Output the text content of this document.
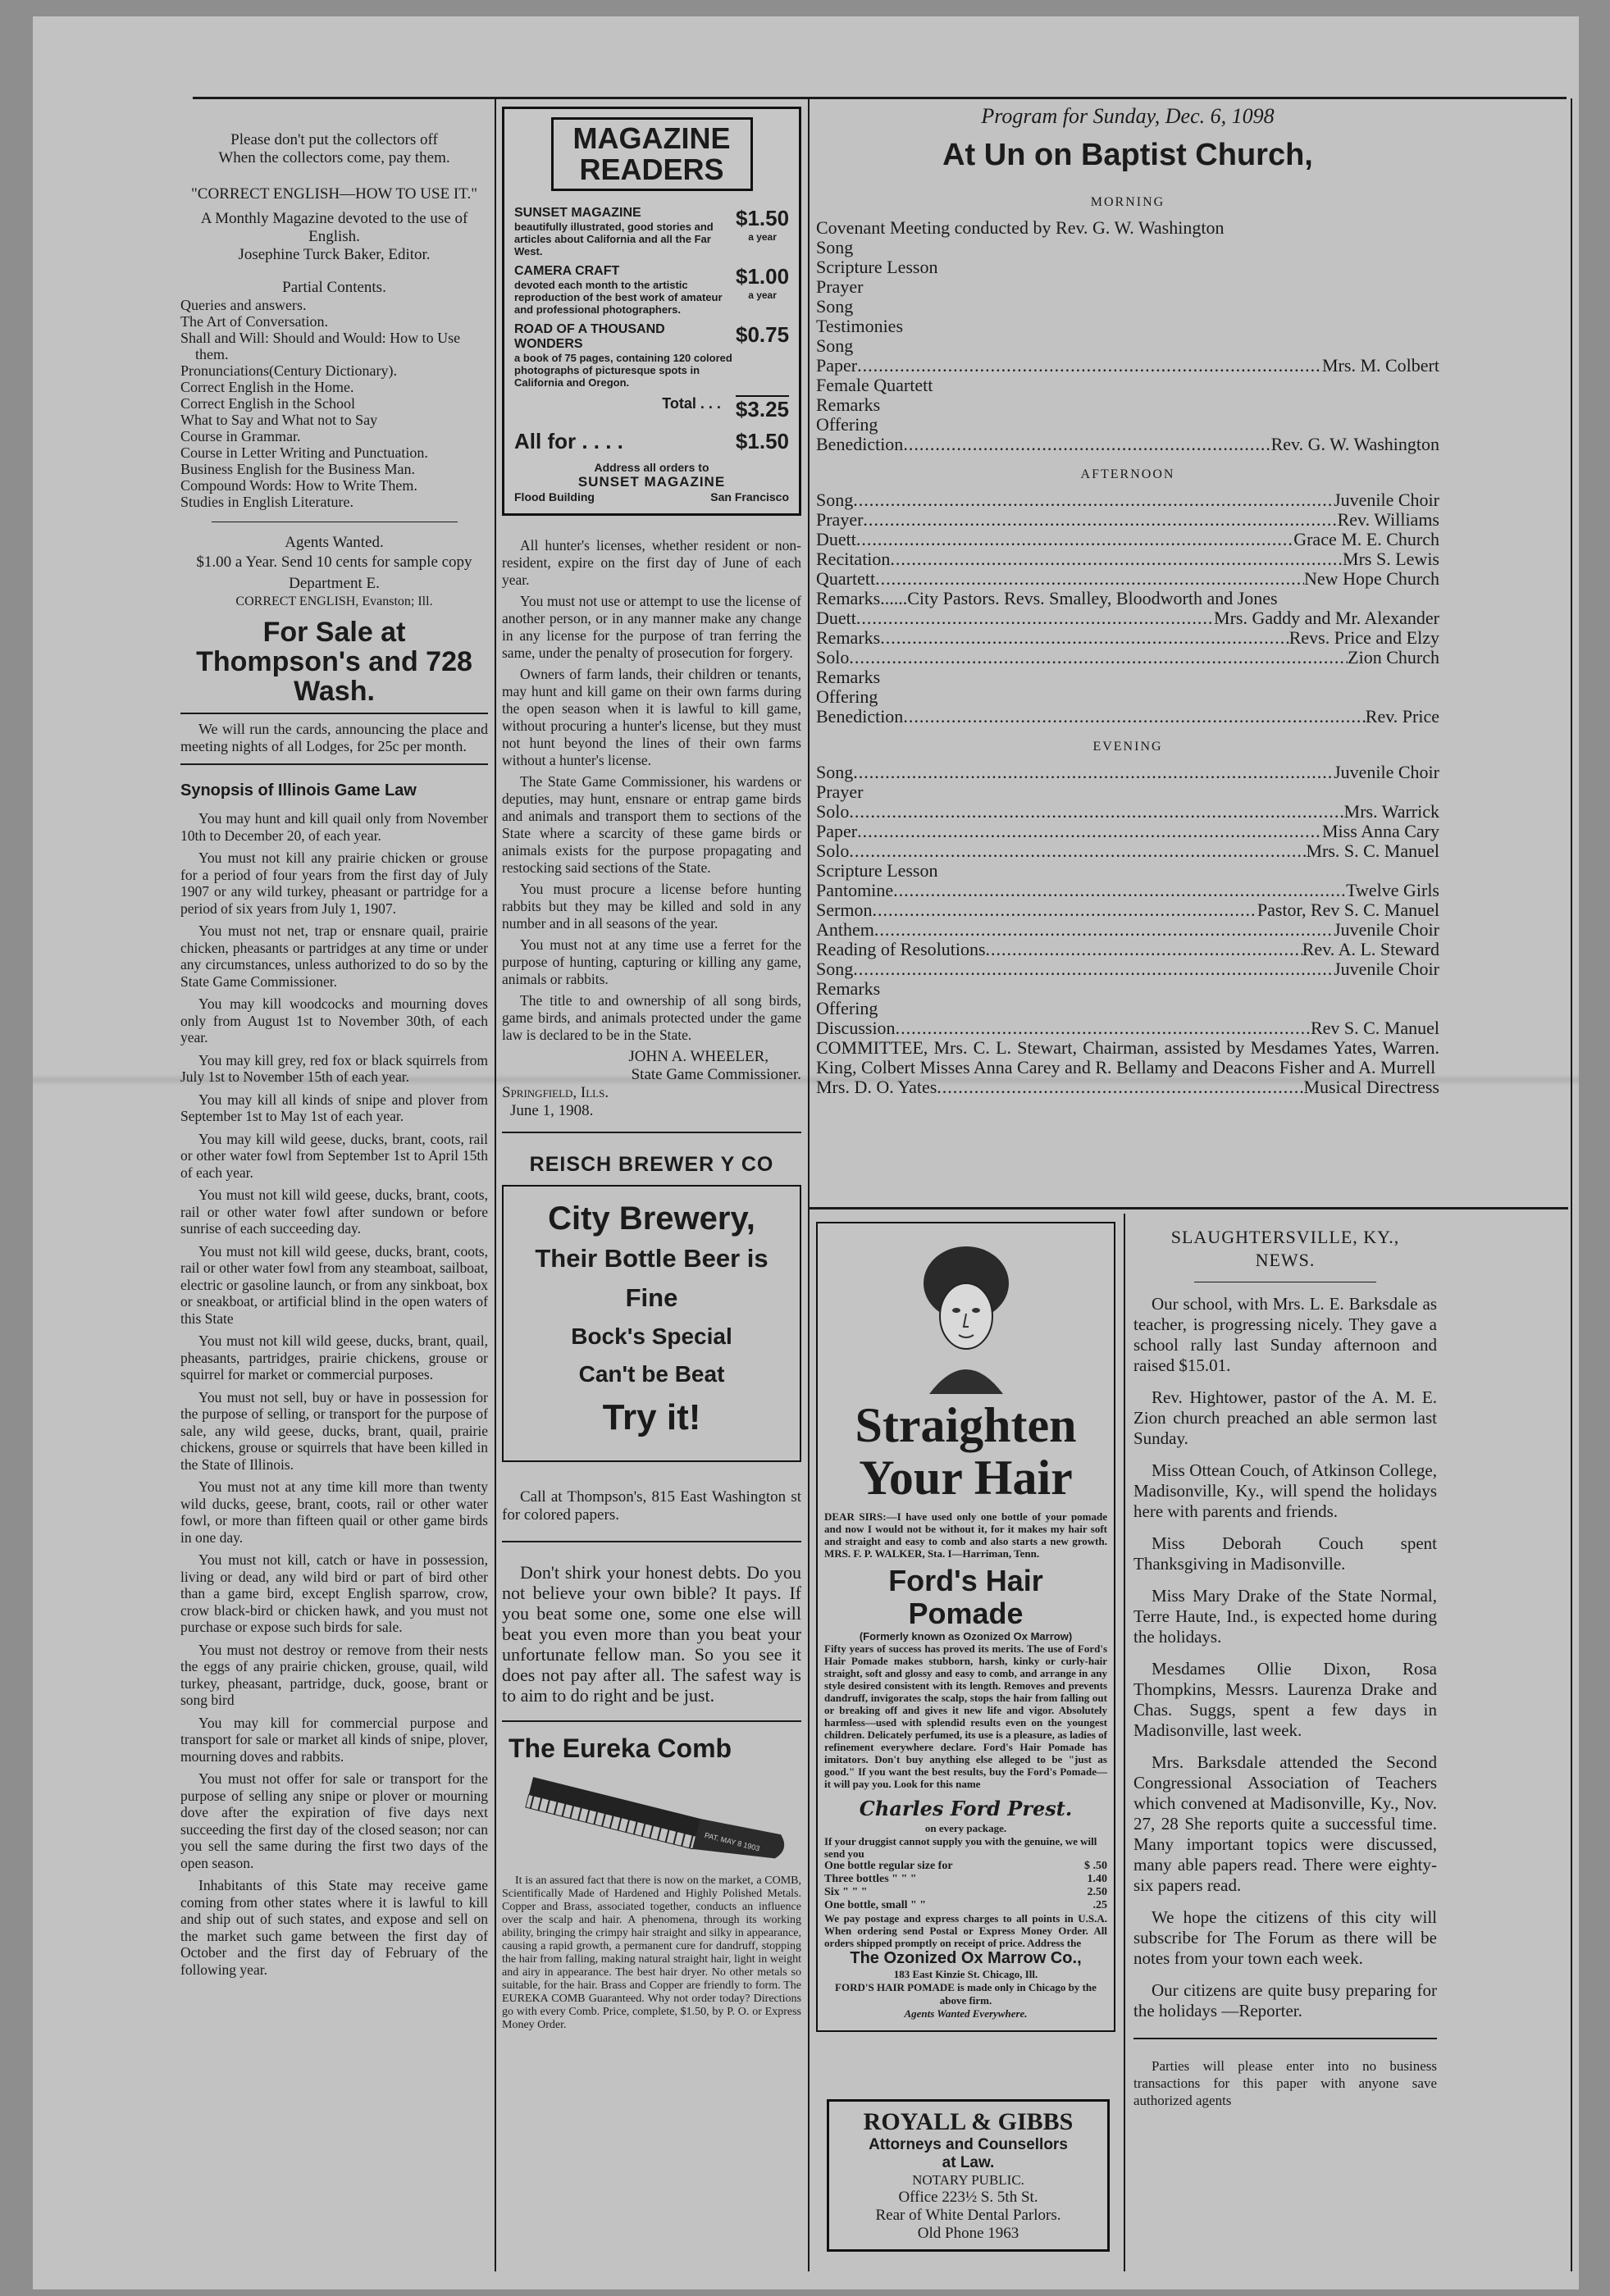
Please don't put the collectors off
When the collectors come, pay them.
"CORRECT ENGLISH—HOW TO USE IT."
A Monthly Magazine devoted to the use of English.
Josephine Turck Baker, Editor.
Partial Contents.
Queries and answers.
The Art of Conversation.
Shall and Will: Should and Would: How to Use them.
Pronunciations(Century Dictionary).
Correct English in the Home.
Correct English in the School
What to Say and What not to Say
Course in Grammar.
Course in Letter Writing and Punctuation.
Business English for the Business Man.
Compound Words: How to Write Them.
Studies in English Literature.
Agents Wanted.
$1.00 a Year. Send 10 cents for sample copy
Department E.
CORRECT ENGLISH, Evanston; Ill.
For Sale at Thompson's and 728 Wash.
We will run the cards, announcing the place and meeting nights of all Lodges, for 25c per month.
Synopsis of Illinois Game Law
You may hunt and kill quail only from November 10th to December 20, of each year.
You must not kill any prairie chicken or grouse for a period of four years from the first day of July 1907 or any wild turkey, pheasant or partridge for a period of six years from July 1, 1907.
You must not net, trap or ensnare quail, prairie chicken, pheasants or partridges at any time or under any circumstances, unless authorized to do so by the State Game Commissioner.
You may kill woodcocks and mourning doves only from August 1st to November 30th, of each year.
You may kill grey, red fox or black squirrels from July 1st to November 15th of each year.
You may kill all kinds of snipe and plover from September 1st to May 1st of each year.
You may kill wild geese, ducks, brant, coots, rail or other water fowl from September 1st to April 15th of each year.
You must not kill wild geese, ducks, brant, coots, rail or other water fowl after sundown or before sunrise of each succeeding day.
You must not kill wild geese, ducks, brant, coots, rail or other water fowl from any steamboat, sailboat, electric or gasoline launch, or from any sinkboat, box or sneakboat, or artificial blind in the open waters of this State
You must not kill wild geese, ducks, brant, quail, pheasants, partridges, prairie chickens, grouse or squirrel for market or commercial purposes.
You must not sell, buy or have in possession for the purpose of selling, or transport for the purpose of sale, any wild geese, ducks, brant, quail, prairie chickens, grouse or squirrels that have been killed in the State of Illinois.
You must not at any time kill more than twenty wild ducks, geese, brant, coots, rail or other water fowl, or more than fifteen quail or other game birds in one day.
You must not kill, catch or have in possession, living or dead, any wild bird or part of bird other than a game bird, except English sparrow, crow, crow black-bird or chicken hawk, and you must not purchase or expose such birds for sale.
You must not destroy or remove from their nests the eggs of any prairie chicken, grouse, quail, wild turkey, pheasant, partridge, duck, goose, brant or song bird
You may kill for commercial purpose and transport for sale or market all kinds of snipe, plover, mourning doves and rabbits.
You must not offer for sale or transport for the purpose of selling any snipe or plover or mourning dove after the expiration of five days next succeeding the first day of the closed season; nor can you sell the same during the first two days of the open season.
Inhabitants of this State may receive game coming from other states where it is lawful to kill and ship out of such states, and expose and sell on the market such game between the first day of October and the first day of February of the following year.
MAGAZINE
READERS
SUNSET MAGAZINE
beautifully illustrated, good stories and articles about California and all the Far West.
$1.50
a year
CAMERA CRAFT
devoted each month to the artistic reproduction of the best work of amateur and professional photographers.
$1.00
a year
ROAD OF A THOUSAND WONDERS
a book of 75 pages, containing 120 colored photographs of picturesque spots in California and Oregon.
$0.75
Total . . . $3.25
All for . . . .	$1.50
Address all orders to
SUNSET MAGAZINE
Flood Building	San Francisco
All hunter's licenses, whether resident or non-resident, expire on the first day of June of each year.
You must not use or attempt to use the license of another person, or in any manner make any change in any license for the purpose of tran ferring the same, under the penalty of prosecution for forgery.
Owners of farm lands, their children or tenants, may hunt and kill game on their own farms during the open season when it is lawful to kill game, without procuring a hunter's license, but they must not hunt beyond the lines of their own farms without a hunter's license.
The State Game Commissioner, his wardens or deputies, may hunt, ensnare or entrap game birds and animals and transport them to sections of the State where a scarcity of these game birds or animals exists for the purpose propagating and restocking said sections of the State.
You must procure a license before hunting rabbits but they may be killed and sold in any number and in all seasons of the year.
You must not at any time use a ferret for the purpose of hunting, capturing or killing any game, animals or rabbits.
The title to and ownership of all song birds, game birds, and animals protected under the game law is declared to be in the State.
JOHN A. WHEELER,
State Game Commissioner.
Springfield, Ills.
June 1, 1908.
REISCH BREWER Y CO
City Brewery,
Their Bottle Beer is Fine
Bock's Special
Can't be Beat
Try it!
Call at Thompson's, 815 East Washington st for colored papers.
Don't shirk your honest debts. Do you not believe your own bible? It pays. If you beat some one, some one else will beat you even more than you beat your unfortunate fellow man. So you see it does not pay after all. The safest way is to aim to do right and be just.
The Eureka Comb
PAT. MAY 8 1903
It is an assured fact that there is now on the market, a COMB, Scientifically Made of Hardened and Highly Polished Metals. Copper and Brass, associated together, conducts an influence over the scalp and hair. A phenomena, through its working ability, bringing the crimpy hair straight and silky in appearance, causing a rapid growth, a permanent cure for dandruff, stopping the hair from falling, making natural straight hair, light in weight and airy in appearance. The best hair dryer. No other metals so suitable, for the hair. Brass and Copper are friendly to form. The EUREKA COMB Guaranteed. Why not order today? Directions go with every Comb. Price, complete, $1.50, by P. O. or Express Money Order.
Program for Sunday, Dec. 6, 1098
At Un on Baptist Church,
MORNING
Covenant Meeting conducted by Rev. G. W. Washington
Song
Scripture Lesson
Prayer
Song
Testimonies
Song
Paper .....	Mrs. M. Colbert
Female Quartett
Remarks
Offering
Benediction .....	Rev. G. W. Washington
AFTERNOON
Song .....	Juvenile Choir
Prayer .....	Rev. Williams
Duett .....	Grace M. E. Church
Recitation .....	Mrs S. Lewis
Quartett .....	New Hope Church
Remarks......City Pastors. Revs. Smalley, Bloodworth and Jones
Duett .....	Mrs. Gaddy and Mr. Alexander
Remarks .....	Revs. Price and Elzy
Solo .....	Zion Church
Remarks
Offering
Benediction .....	Rev. Price
EVENING
Song .....	Juvenile Choir
Prayer
Solo .....	Mrs. Warrick
Paper .....	Miss Anna Cary
Solo .....	Mrs. S. C. Manuel
Scripture Lesson
Pantomine .....	Twelve Girls
Sermon .....	Pastor, Rev S. C. Manuel
Anthem .....	Juvenile Choir
Reading of Resolutions .....	Rev. A. L. Steward
Song .....	Juvenile Choir
Remarks
Offering
Discussion .....	Rev S. C. Manuel
COMMITTEE, Mrs. C. L. Stewart, Chairman, assisted by Mesdames Yates, Warren. King, Colbert Misses Anna Carey and R. Bellamy and Deacons Fisher and A. Murrell
Mrs. D. O. Yates .....	Musical Directress
Straighten
Your Hair
DEAR SIRS:—I have used only one bottle of your pomade and now I would not be without it, for it makes my hair soft and straight and easy to comb and also starts a new growth. MRS. F. P. WALKER, Sta. I—Harriman, Tenn.
Ford's Hair
Pomade
(Formerly known as Ozonized Ox Marrow)
Fifty years of success has proved its merits. The use of Ford's Hair Pomade makes stubborn, harsh, kinky or curly-hair straight, soft and glossy and easy to comb, and arrange in any style desired consistent with its length. Removes and prevents dandruff, invigorates the scalp, stops the hair from falling out or breaking off and gives it new life and vigor. Absolutely harmless—used with splendid results even on the youngest children. Delicately perfumed, its use is a pleasure, as ladies of refinement everywhere declare. Ford's Hair Pomade has imitators. Don't buy anything else alleged to be "just as good." If you want the best results, buy the Ford's Pomade—it will pay you. Look for this name
Charles Ford Prest.
on every package.
If your druggist cannot supply you with the genuine, we will send you
One bottle regular size for	$ .50
Three bottles " " "	1.40
Six " " "	2.50
One bottle, small " "	.25
We pay postage and express charges to all points in U.S.A. When ordering send Postal or Express Money Order. All orders shipped promptly on receipt of price. Address the
The Ozonized Ox Marrow Co.,
183 East Kinzie St. Chicago, Ill.
FORD'S HAIR POMADE is made only in Chicago by the above firm.
Agents Wanted Everywhere.
ROYALL & GIBBS
Attorneys and Counsellors
at Law.
NOTARY PUBLIC.
Office 223½ S. 5th St.
Rear of White Dental Parlors.
Old Phone 1963
SLAUGHTERSVILLE, KY.,
NEWS.
Our school, with Mrs. L. E. Barksdale as teacher, is progressing nicely. They gave a school rally last Sunday afternoon and raised $15.01.
Rev. Hightower, pastor of the A. M. E. Zion church preached an able sermon last Sunday.
Miss Ottean Couch, of Atkinson College, Madisonville, Ky., will spend the holidays here with parents and friends.
Miss Deborah Couch spent Thanksgiving in Madisonville.
Miss Mary Drake of the State Normal, Terre Haute, Ind., is expected home during the holidays.
Mesdames Ollie Dixon, Rosa Thompkins, Messrs. Laurenza Drake and Chas. Suggs, spent a few days in Madisonville, last week.
Mrs. Barksdale attended the Second Congressional Association of Teachers which convened at Madisonville, Ky., Nov. 27, 28 She reports quite a successful time. Many important topics were discussed, many able papers read. There were eighty-six papers read.
We hope the citizens of this city will subscribe for The Forum as there will be notes from your town each week.
Our citizens are quite busy preparing for the holidays —Reporter.
Parties will please enter into no business transactions for this paper with anyone save authorized agents
